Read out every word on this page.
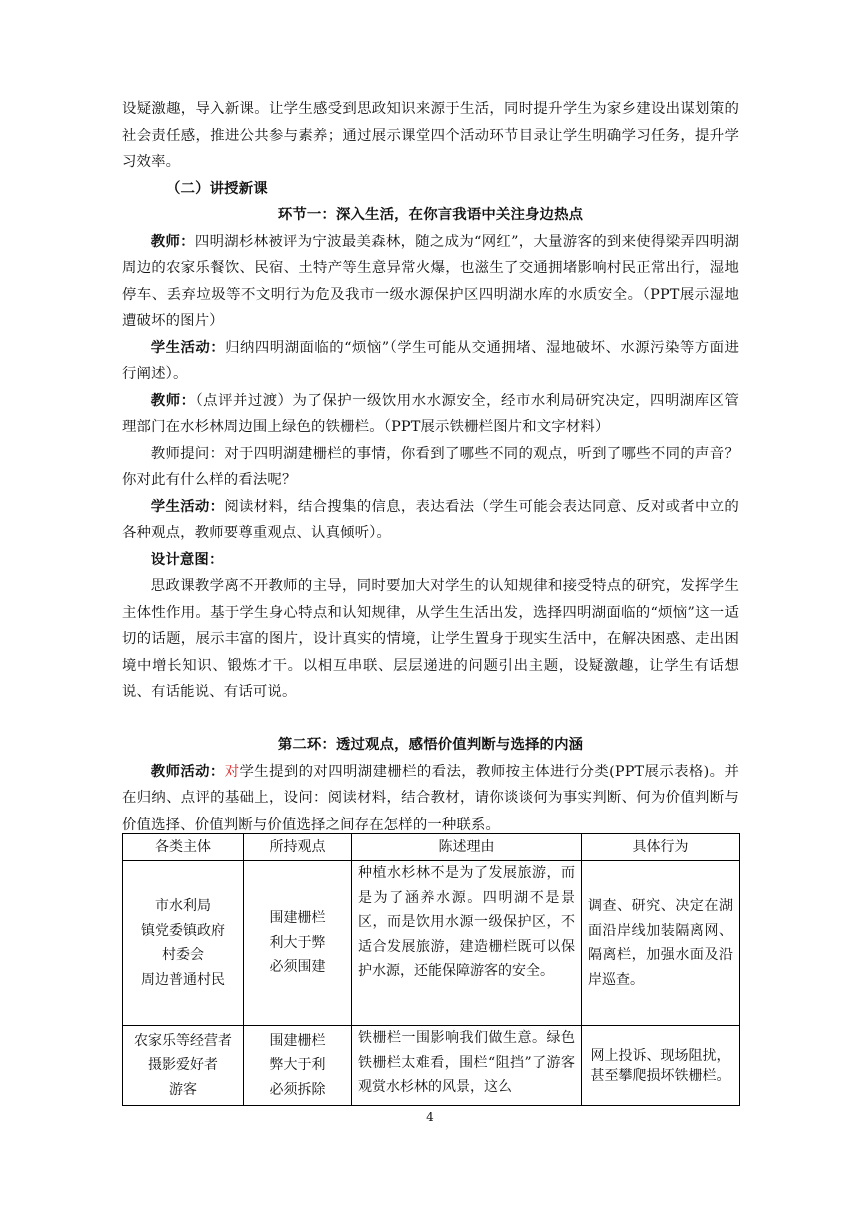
设疑激趣，导入新课。让学生感受到思政知识来源于生活，同时提升学生为家乡建设出谋划策的社会责任感，推进公共参与素养；通过展示课堂四个活动环节目录让学生明确学习任务，提升学习效率。

（二）讲授新课

环节一：深入生活，在你言我语中关注身边热点

教师：四明湖杉林被评为宁波最美森林，随之成为“网红”，大量游客的到来使得梁弄四明湖周边的农家乐餐饮、民宿、土特产等生意异常火爆，也滋生了交通拥堵影响村民正常出行，湿地停车、丢弃垃圾等不文明行为危及我市一级水源保护区四明湖水库的水质安全。（PPT展示湿地遭破坏的图片）

学生活动：归纳四明湖面临的“烦恼”（学生可能从交通拥堵、湿地破坏、水源污染等方面进行阐述）。

教师：（点评并过渡）为了保护一级饮用水水源安全，经市水利局研究决定，四明湖库区管理部门在水杉林周边围上绿色的铁栅栏。（PPT展示铁栅栏图片和文字材料）

教师提问：对于四明湖建栅栏的事情，你看到了哪些不同的观点，听到了哪些不同的声音？你对此有什么样的看法呢？

学生活动：阅读材料，结合搜集的信息，表达看法（学生可能会表达同意、反对或者中立的各种观点，教师要尊重观点、认真倾听）。

设计意图：

思政课教学离不开教师的主导，同时要加大对学生的认知规律和接受特点的研究，发挥学生主体性作用。基于学生身心特点和认知规律，从学生生活出发，选择四明湖面临的“烦恼”这一适切的话题，展示丰富的图片，设计真实的情境，让学生置身于现实生活中，在解决困惑、走出困境中增长知识、锻炼才干。以相互串联、层层递进的问题引出主题，设疑激趣，让学生有话想说、有话能说、有话可说。

第二环：透过观点，感悟价值判断与选择的内涵

教师活动：对学生提到的对四明湖建栅栏的看法，教师按主体进行分类(PPT展示表格)。并在归纳、点评的基础上，设问：阅读材料，结合教材，请你谈谈何为事实判断、何为价值判断与价值选择、价值判断与价值选择之间存在怎样的一种联系。

各类主体	所持观点	陈述理由	具体行为

市水利局
镇党委镇政府
村委会
周边普通村民	围建栅栏
利大于弊
必须围建	种植水杉林不是为了发展旅游，而是为了涵养水源。四明湖不是景区，而是饮用水源一级保护区，不适合发展旅游，建造栅栏既可以保护水源，还能保障游客的安全。	调查、研究、决定在湖面沿岸线加装隔离网、隔离栏，加强水面及沿岸巡查。

农家乐等经营者
摄影爱好者
游客	围建栅栏
弊大于利
必须拆除	铁栅栏一围影响我们做生意。绿色铁栅栏太难看，围栏“阻挡”了游客观赏水杉林的风景，这么	网上投诉、现场阻扰，甚至攀爬损坏铁栅栏。
4
